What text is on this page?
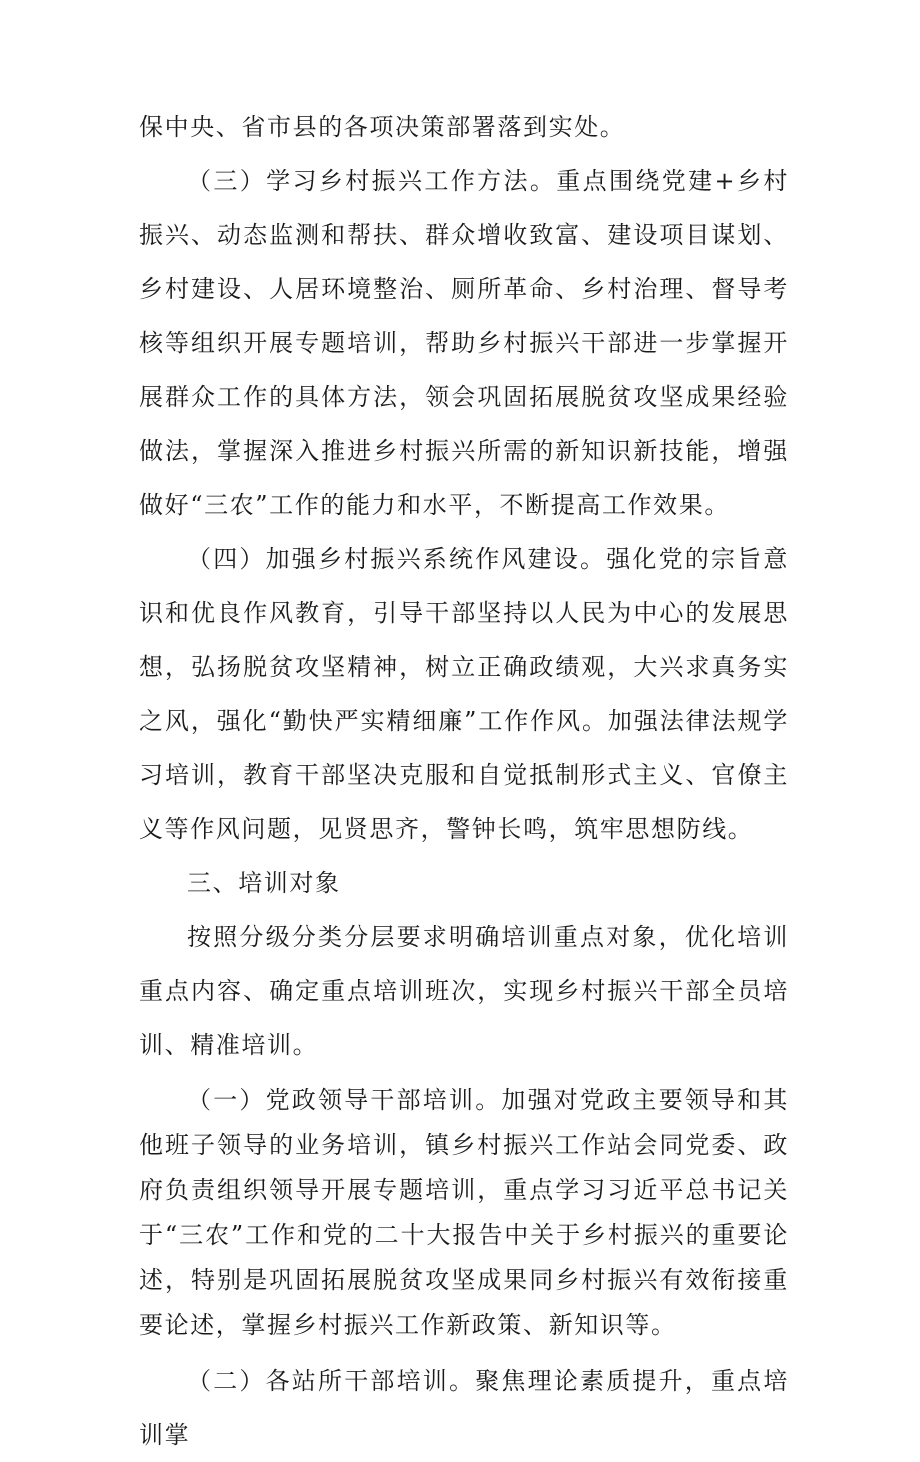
保中央、省市县的各项决策部署落到实处。

（三）学习乡村振兴工作方法。重点围绕党建+乡村振兴、动态监测和帮扶、群众增收致富、建设项目谋划、乡村建设、人居环境整治、厕所革命、乡村治理、督导考核等组织开展专题培训，帮助乡村振兴干部进一步掌握开展群众工作的具体方法，领会巩固拓展脱贫攻坚成果经验做法，掌握深入推进乡村振兴所需的新知识新技能，增强做好“三农”工作的能力和水平，不断提高工作效果。

（四）加强乡村振兴系统作风建设。强化党的宗旨意识和优良作风教育，引导干部坚持以人民为中心的发展思想，弘扬脱贫攻坚精神，树立正确政绩观，大兴求真务实之风，强化“勤快严实精细廉”工作作风。加强法律法规学习培训，教育干部坚决克服和自觉抵制形式主义、官僚主义等作风问题，见贤思齐，警钟长鸣，筑牢思想防线。

三、培训对象

按照分级分类分层要求明确培训重点对象，优化培训重点内容、确定重点培训班次，实现乡村振兴干部全员培训、精准培训。

（一）党政领导干部培训。加强对党政主要领导和其他班子领导的业务培训，镇乡村振兴工作站会同党委、政府负责组织领导开展专题培训，重点学习习近平总书记关于“三农”工作和党的二十大报告中关于乡村振兴的重要论述，特别是巩固拓展脱贫攻坚成果同乡村振兴有效衔接重要论述，掌握乡村振兴工作新政策、新知识等。

（二）各站所干部培训。聚焦理论素质提升，重点培训掌
